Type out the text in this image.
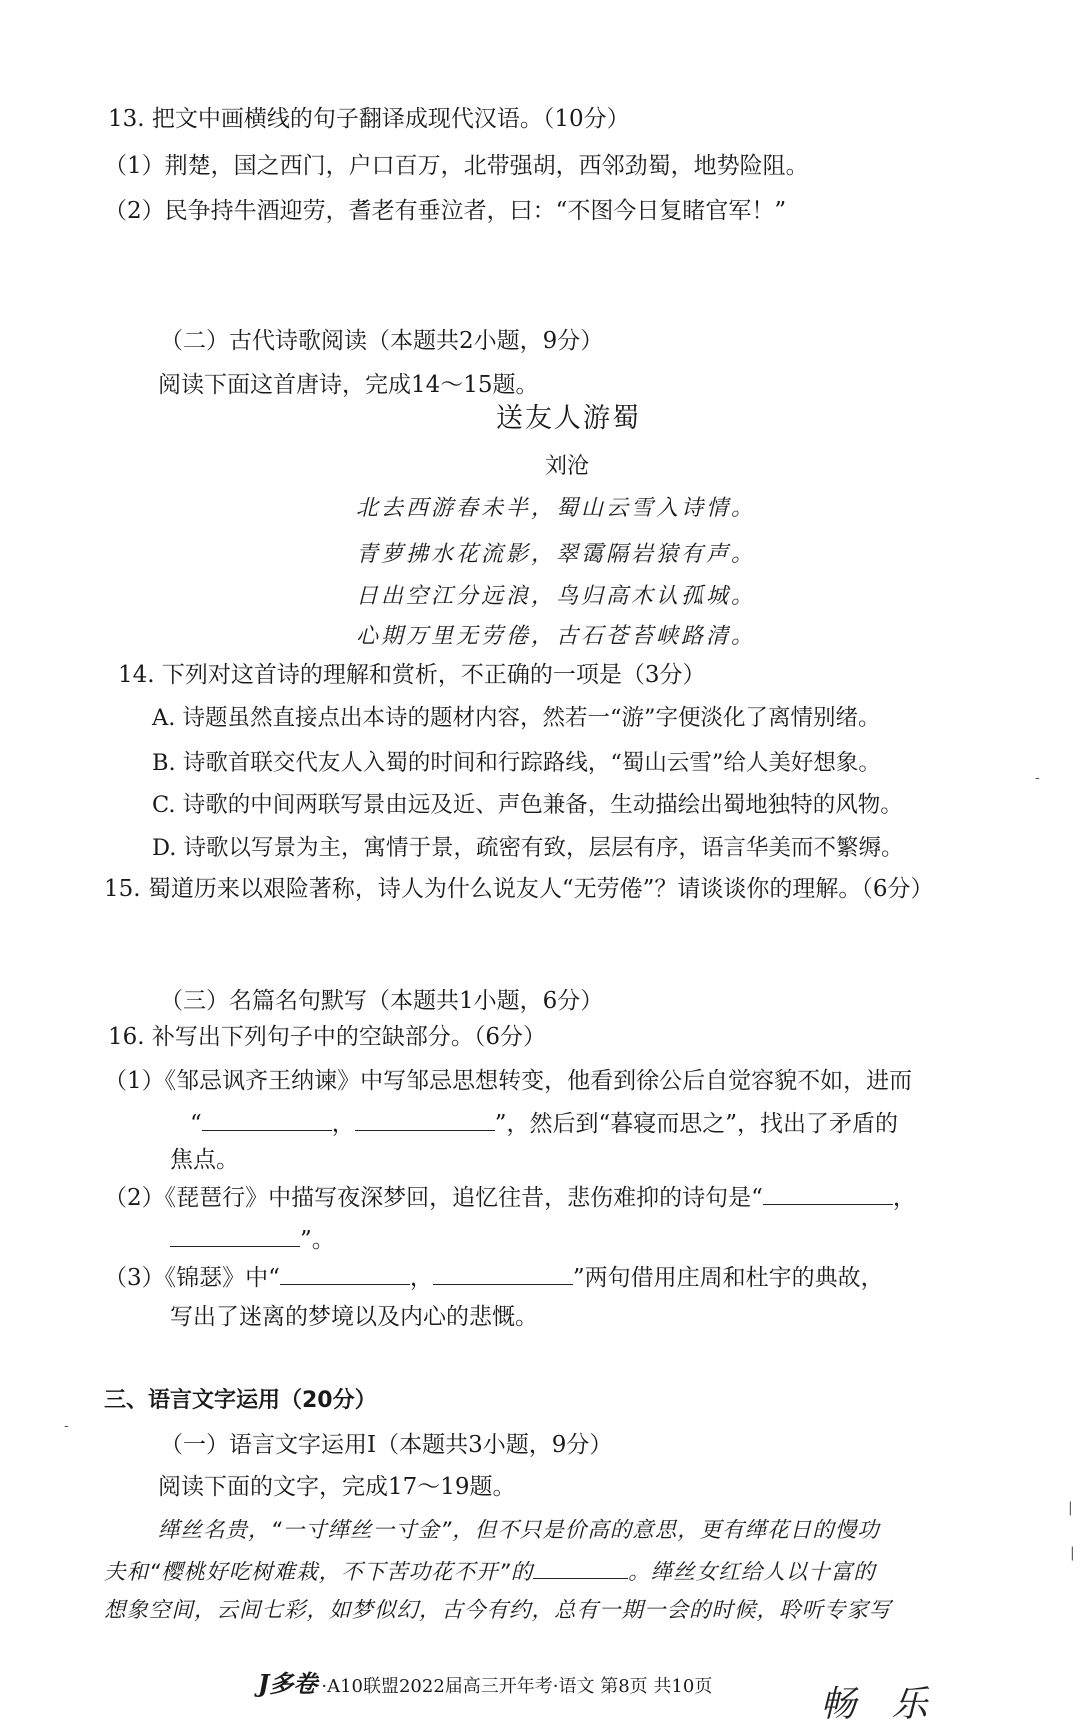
13. 把文中画横线的句子翻译成现代汉语。（10分）
（1）荆楚，国之西门，户口百万，北带强胡，西邻劲蜀，地势险阻。
（2）民争持牛酒迎劳，耆老有垂泣者，曰：“不图今日复睹官军！”
（二）古代诗歌阅读（本题共2小题，9分）
阅读下面这首唐诗，完成14～15题。
送友人游蜀
刘沧
北去西游春未半，蜀山云雪入诗情。
青萝拂水花流影，翠霭隔岩猿有声。
日出空江分远浪，鸟归高木认孤城。
心期万里无劳倦，古石苍苔峡路清。
14. 下列对这首诗的理解和赏析，不正确的一项是（3分）
A. 诗题虽然直接点出本诗的题材内容，然若一“游”字便淡化了离情别绪。
B. 诗歌首联交代友人入蜀的时间和行踪路线，“蜀山云雪”给人美好想象。
C. 诗歌的中间两联写景由远及近、声色兼备，生动描绘出蜀地独特的风物。
D. 诗歌以写景为主，寓情于景，疏密有致，层层有序，语言华美而不繁缛。
15. 蜀道历来以艰险著称，诗人为什么说友人“无劳倦”？请谈谈你的理解。（6分）
（三）名篇名句默写（本题共1小题，6分）
16. 补写出下列句子中的空缺部分。（6分）
（1）《邹忌讽齐王纳谏》中写邹忌思想转变，他看到徐公后自觉容貌不如，进而
“	，	”，然后到“暮寝而思之”，找出了矛盾的
焦点。
（2）《琵琶行》中描写夜深梦回，追忆往昔，悲伤难抑的诗句是“	，
”。
（3）《锦瑟》中“	，	”两句借用庄周和杜宇的典故，
写出了迷离的梦境以及内心的悲慨。
三、语言文字运用（20分）
（一）语言文字运用Ⅰ（本题共3小题，9分）
阅读下面的文字，完成17～19题。
缂丝名贵，“一寸缂丝一寸金”，但不只是价高的意思，更有缂花日的慢功
夫和“樱桃好吃树难栽，不下苦功花不开”的	。缂丝女红给人以十富的
想象空间，云间七彩，如梦似幻，古今有约，总有一期一会的时候，聆听专家写
J多卷 ·A10联盟2022届高三开年考·语文 第8页 共10页	畅 乐
|
|
-
-
